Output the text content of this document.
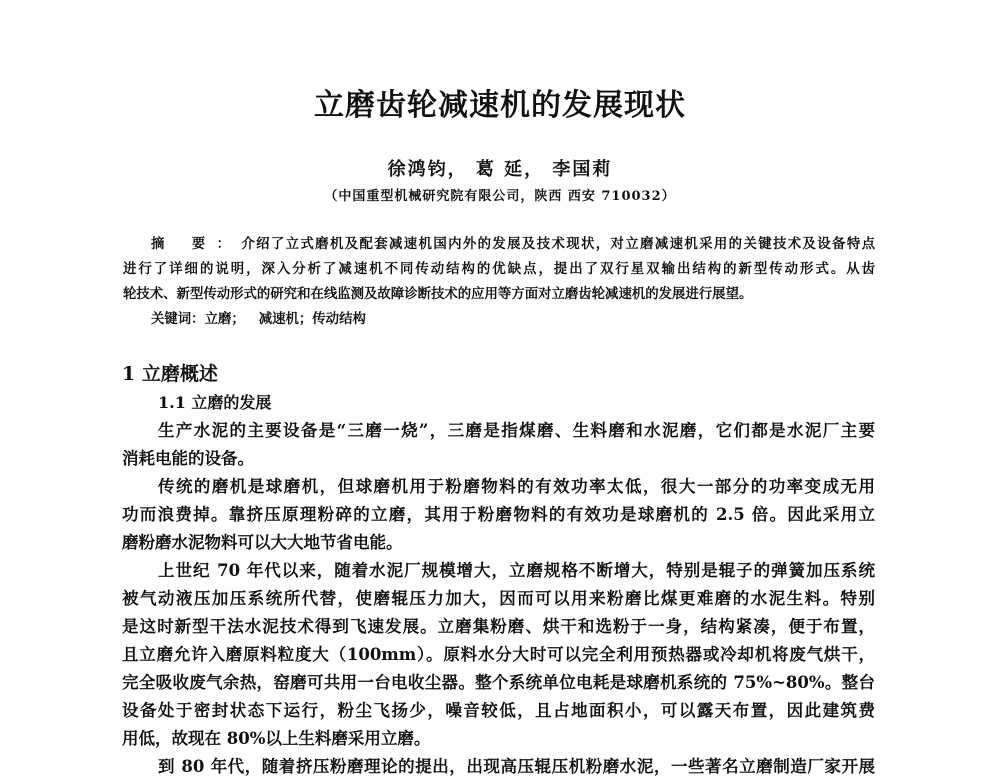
立磨齿轮减速机的发展现状
徐鸿钧， 葛 延， 李国莉
（中国重型机械研究院有限公司，陕西 西安 710032）
摘 要：介绍了立式磨机及配套减速机国内外的发展及技术现状，对立磨减速机采用的关键技术及设备特点
进行了详细的说明，深入分析了减速机不同传动结构的优缺点，提出了双行星双输出结构的新型传动形式。从齿
轮技术、新型传动形式的研究和在线监测及故障诊断技术的应用等方面对立磨齿轮减速机的发展进行展望。
关键词：立磨； 减速机；传动结构
1 立磨概述
1.1 立磨的发展
生产水泥的主要设备是“三磨一烧”，三磨是指煤磨、生料磨和水泥磨，它们都是水泥厂主要
消耗电能的设备。
传统的磨机是球磨机，但球磨机用于粉磨物料的有效功率太低，很大一部分的功率变成无用
功而浪费掉。靠挤压原理粉碎的立磨，其用于粉磨物料的有效功是球磨机的 2.5 倍。因此采用立
磨粉磨水泥物料可以大大地节省电能。
上世纪 70 年代以来，随着水泥厂规模增大，立磨规格不断增大，特别是辊子的弹簧加压系统
被气动液压加压系统所代替，使磨辊压力加大，因而可以用来粉磨比煤更难磨的水泥生料。特别
是这时新型干法水泥技术得到飞速发展。立磨集粉磨、烘干和选粉于一身，结构紧凑，便于布置，
且立磨允许入磨原料粒度大（100mm）。原料水分大时可以完全利用预热器或冷却机将废气烘干，
完全吸收废气余热，窑磨可共用一台电收尘器。整个系统单位电耗是球磨机系统的 75%~80%。整台
设备处于密封状态下运行，粉尘飞扬少，噪音较低，且占地面积小，可以露天布置，因此建筑费
用低，故现在 80%以上生料磨采用立磨。
到 80 年代，随着挤压粉磨理论的提出，出现高压辊压机粉磨水泥，一些著名立磨制造厂家开展
